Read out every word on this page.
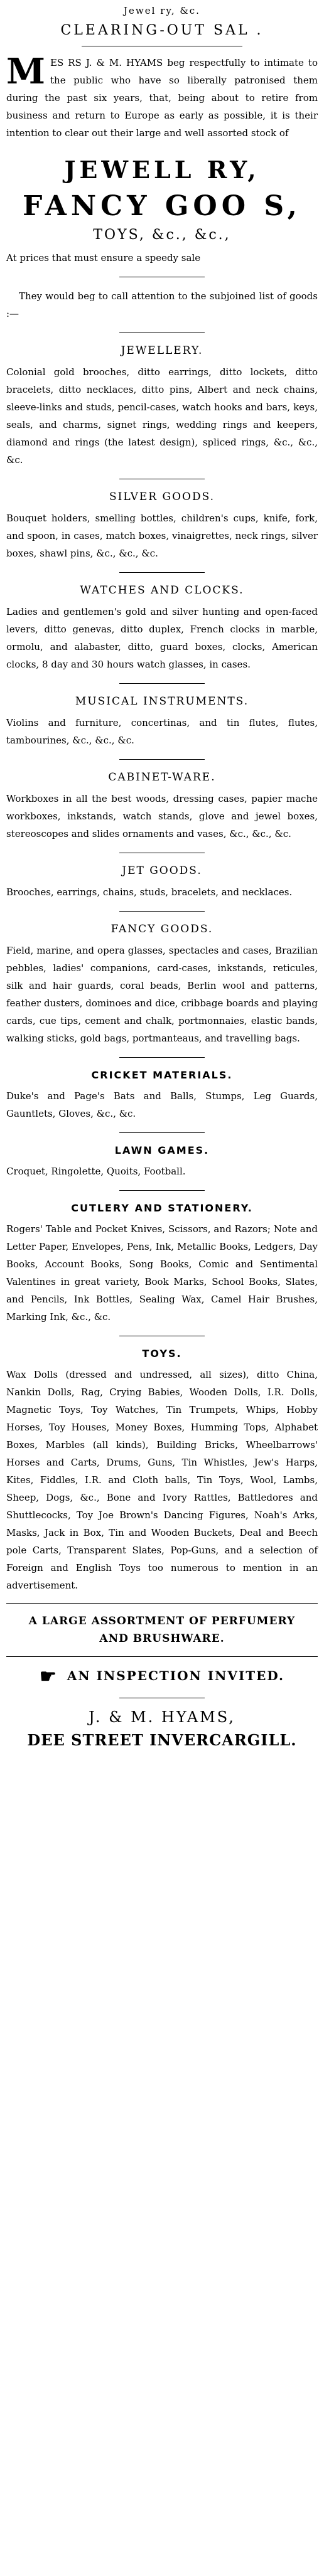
Jewel ry, &c.
CLEARING-OUT SAL .
M ES RS J. & M. HYAMS beg respectfully to intimate to the public who have so liberally patronised them during the past six years, that, being about to retire from business and return to Europe as early as possible, it is their intention to clear out their large and well assorted stock of

JEWELL RY,
FANCY GOO S,
TOYS, &c., &c.,

At prices that must ensure a speedy sale

They would beg to call attention to the subjoined list of goods :—

JEWELLERY.

Colonial gold brooches, ditto earrings, ditto lockets, ditto bracelets, ditto necklaces, ditto pins, Albert and neck chains, sleeve-links and studs, pencil-cases, watch hooks and bars, keys, seals, and charms, signet rings, wedding rings and keepers, diamond and rings (the latest design), spliced rings, &c., &c., &c.

SILVER GOODS.

Bouquet holders, smelling bottles, children's cups, knife, fork, and spoon, in cases, match boxes, vinaigrettes, neck rings, silver boxes, shawl pins, &c., &c., &c.

WATCHES AND CLOCKS.

Ladies and gentlemen's gold and silver hunting and open-faced levers, ditto genevas, ditto duplex, French clocks in marble, ormolu, and alabaster, ditto, guard boxes, clocks, American clocks, 8 day and 30 hours watch glasses, in cases.

MUSICAL INSTRUMENTS.

Violins and furniture, concertinas, and tin flutes, flutes, tambourines, &c., &c., &c.

CABINET-WARE.

Workboxes in all the best woods, dressing cases, papier mache workboxes, inkstands, watch stands, glove and jewel boxes, stereoscopes and slides ornaments and vases, &c., &c., &c.

JET GOODS.

Brooches, earrings, chains, studs, bracelets, and necklaces.

FANCY GOODS.

Field, marine, and opera glasses, spectacles and cases, Brazilian pebbles, ladies' companions, card-cases, inkstands, reticules, silk and hair guards, coral beads, Berlin wool and patterns, feather dusters, dominoes and dice, cribbage boards and playing cards, cue tips, cement and chalk, portmonnaies, elastic bands, walking sticks, gold bags, portmanteaus, and travelling bags.

CRICKET MATERIALS.

Duke's and Page's Bats and Balls, Stumps, Leg Guards, Gauntlets, Gloves, &c., &c.

LAWN GAMES.

Croquet, Ringolette, Quoits, Football.

CUTLERY AND STATIONERY.

Rogers' Table and Pocket Knives, Scissors, and Razors; Note and Letter Paper, Envelopes, Pens, Ink, Metallic Books, Ledgers, Day Books, Account Books, Song Books, Comic and Sentimental Valentines in great variety, Book Marks, School Books, Slates, and Pencils, Ink Bottles, Sealing Wax, Camel Hair Brushes, Marking Ink, &c., &c.

TOYS.

Wax Dolls (dressed and undressed, all sizes), ditto China, Nankin Dolls, Rag, Crying Babies, Wooden Dolls, I.R. Dolls, Magnetic Toys, Toy Watches, Tin Trumpets, Whips, Hobby Horses, Toy Houses, Money Boxes, Humming Tops, Alphabet Boxes, Marbles (all kinds), Building Bricks, Wheelbarrows' Horses and Carts, Drums, Guns, Tin Whistles, Jew's Harps, Kites, Fiddles, I.R. and Cloth balls, Tin Toys, Wool, Lambs, Sheep, Dogs, &c., Bone and Ivory Rattles, Battledores and Shuttlecocks, Toy Joe Brown's Dancing Figures, Noah's Arks, Masks, Jack in Box, Tin and Wooden Buckets, Deal and Beech pole Carts, Transparent Slates, Pop-Guns, and a selection of Foreign and English Toys too numerous to mention in an advertisement.

A LARGE ASSORTMENT OF PERFUMERY
AND BRUSHWARE.
☛ AN INSPECTION INVITED.
J. & M. HYAMS,
DEE STREET INVERCARGILL.
